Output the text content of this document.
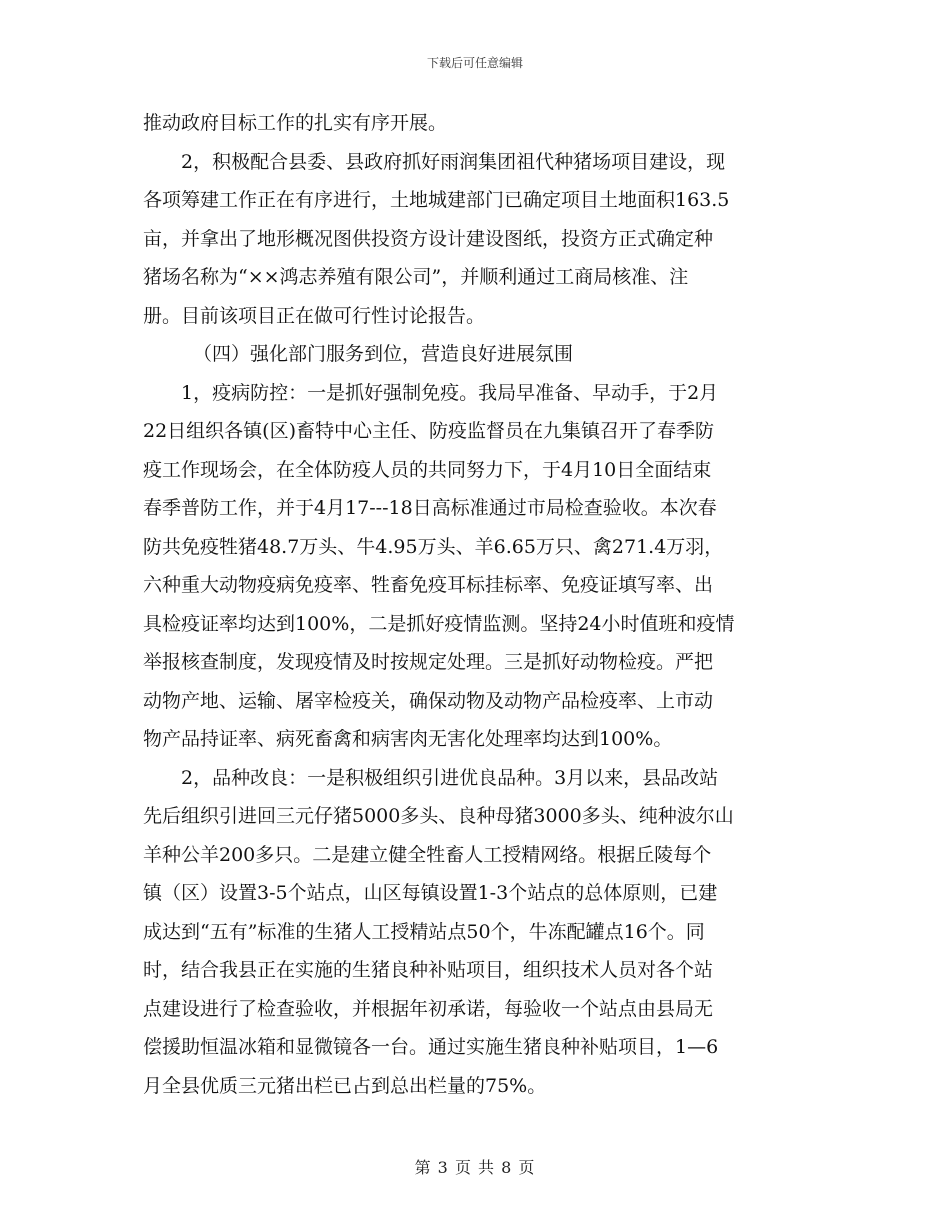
下载后可任意编辑
推动政府目标工作的扎实有序开展。
2，积极配合县委、县政府抓好雨润集团祖代种猪场项目建设，现
各项筹建工作正在有序进行，土地城建部门已确定项目土地面积163.5
亩，并拿出了地形概况图供投资方设计建设图纸，投资方正式确定种
猪场名称为“××鸿志养殖有限公司”，并顺利通过工商局核准、注
册。目前该项目正在做可行性讨论报告。
（四）强化部门服务到位，营造良好进展氛围
1，疫病防控：一是抓好强制免疫。我局早准备、早动手，于2月
22日组织各镇(区)畜特中心主任、防疫监督员在九集镇召开了春季防
疫工作现场会，在全体防疫人员的共同努力下，于4月10日全面结束
春季普防工作，并于4月17---18日高标准通过市局检查验收。本次春
防共免疫牲猪48.7万头、牛4.95万头、羊6.65万只、禽271.4万羽，
六种重大动物疫病免疫率、牲畜免疫耳标挂标率、免疫证填写率、出
具检疫证率均达到100%，二是抓好疫情监测。坚持24小时值班和疫情
举报核查制度，发现疫情及时按规定处理。三是抓好动物检疫。严把
动物产地、运输、屠宰检疫关，确保动物及动物产品检疫率、上市动
物产品持证率、病死畜禽和病害肉无害化处理率均达到100%。
2，品种改良：一是积极组织引进优良品种。3月以来，县品改站
先后组织引进回三元仔猪5000多头、良种母猪3000多头、纯种波尔山
羊种公羊200多只。二是建立健全牲畜人工授精网络。根据丘陵每个
镇（区）设置3-5个站点，山区每镇设置1-3个站点的总体原则，已建
成达到“五有”标准的生猪人工授精站点50个，牛冻配罐点16个。同
时，结合我县正在实施的生猪良种补贴项目，组织技术人员对各个站
点建设进行了检查验收，并根据年初承诺，每验收一个站点由县局无
偿援助恒温冰箱和显微镜各一台。通过实施生猪良种补贴项目，1—6
月全县优质三元猪出栏已占到总出栏量的75%。
第 3 页 共 8 页
